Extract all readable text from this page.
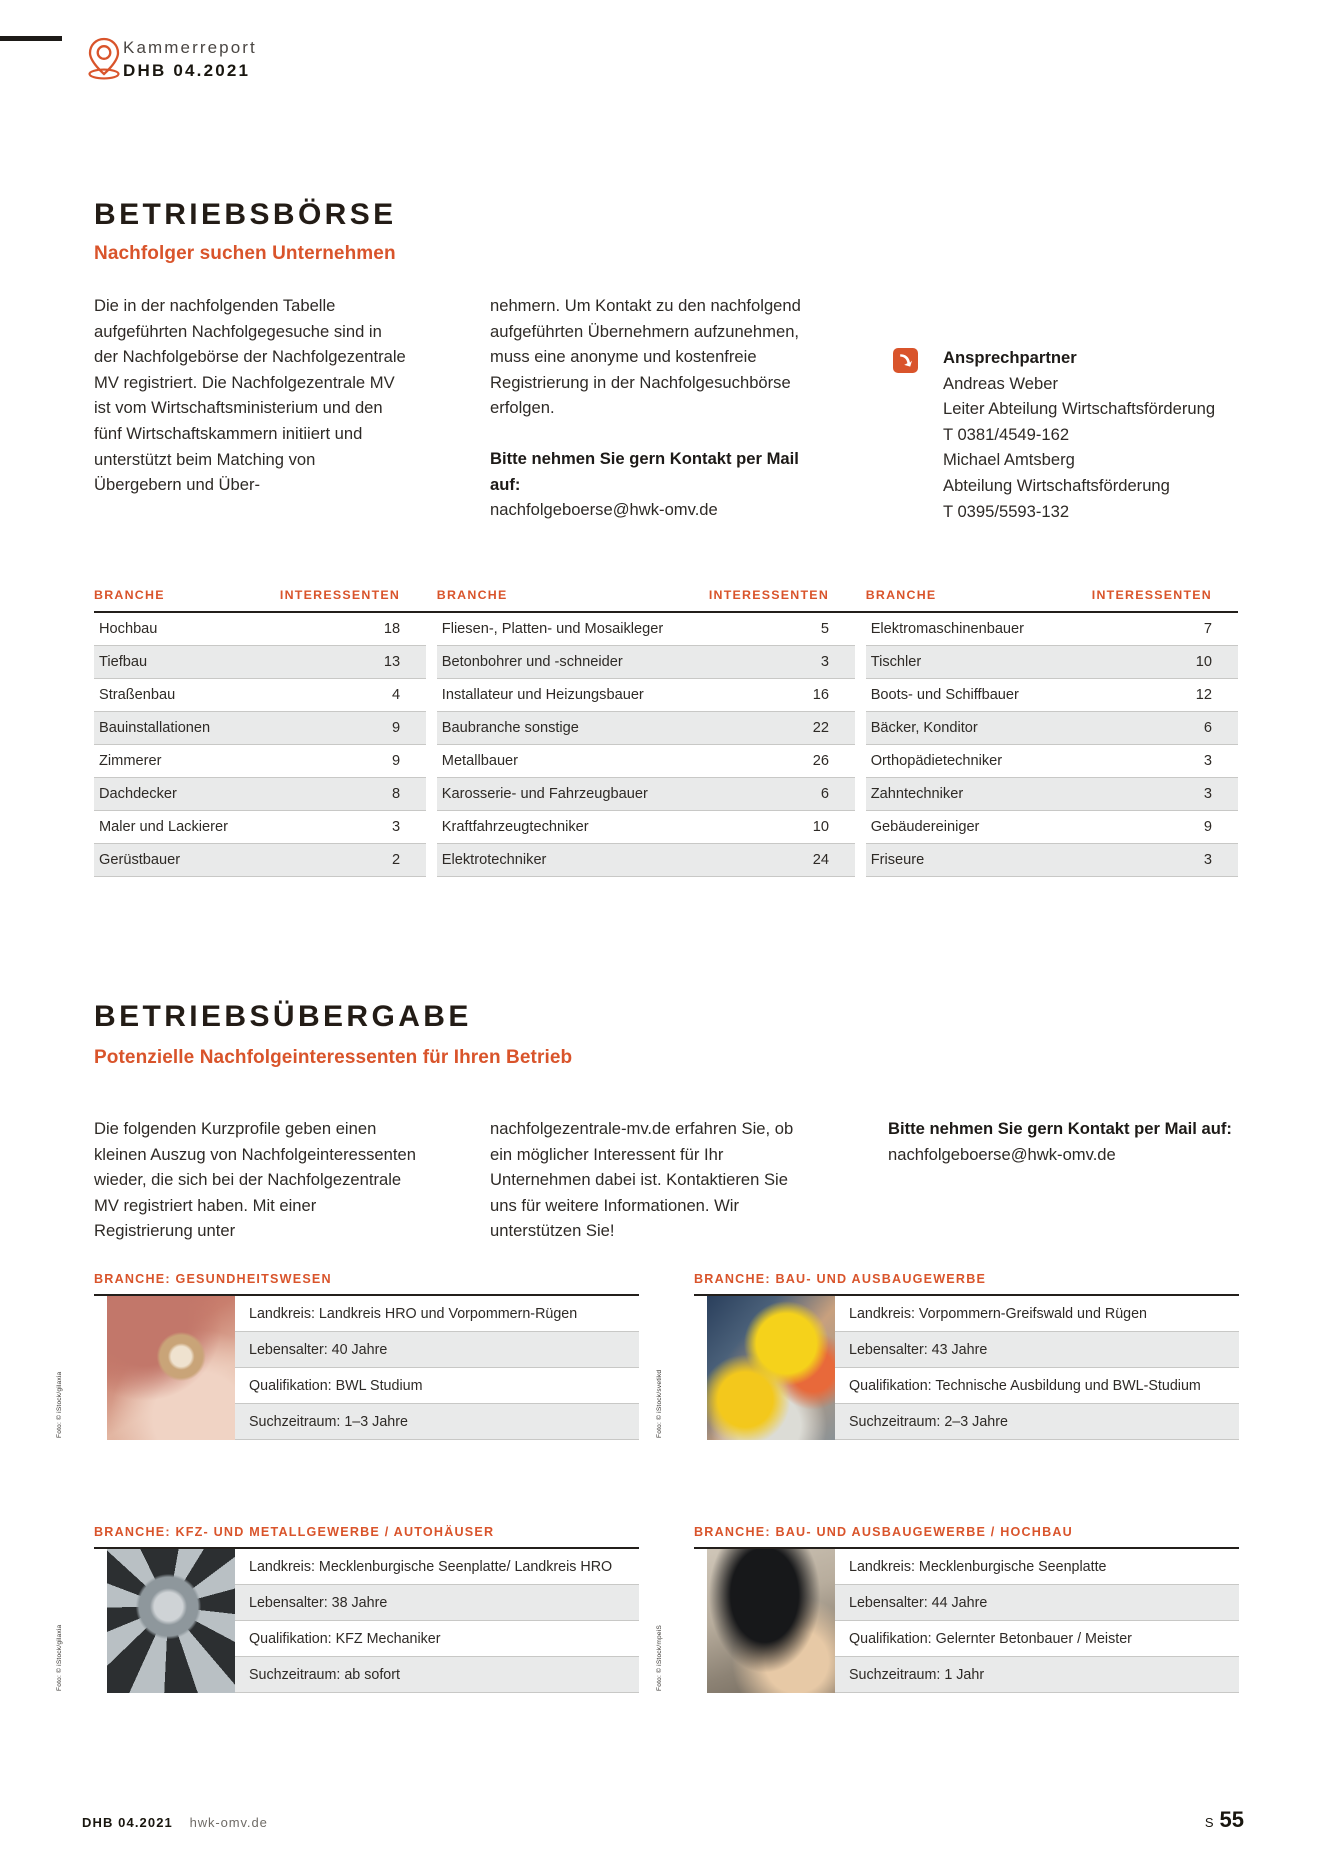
Kammerreport
DHB 04.2021
BETRIEBSBÖRSE
Nachfolger suchen Unternehmen

Die in der nachfolgenden Tabelle aufgeführten Nachfolgegesuche sind in der Nachfolgebörse der Nachfolgezentrale MV registriert. Die Nachfolgezentrale MV ist vom Wirtschaftsministerium und den fünf Wirtschaftskammern initiiert und unterstützt beim Matching von Übergebern und Über-

nehmern. Um Kontakt zu den nachfolgend aufgeführten Übernehmern aufzunehmen, muss eine anonyme und kostenfreie Registrierung in der Nachfolgesuchbörse erfolgen.

Bitte nehmen Sie gern Kontakt per Mail auf:

nachfolgeboerse@hwk-omv.de

Ansprechpartner
Andreas Weber
Leiter Abteilung Wirtschaftsförderung
T 0381/4549-162
Michael Amtsberg
Abteilung Wirtschaftsförderung
T 0395/5593-132
BRANCHE	INTERESSENTEN		BRANCHE	INTERESSENTEN		BRANCHE	INTERESSENTEN
Hochbau	18		Fliesen-, Platten- und Mosaikleger	5		Elektromaschinenbauer	7
Tiefbau	13		Betonbohrer und -schneider	3		Tischler	10
Straßenbau	4		Installateur und Heizungsbauer	16		Boots- und Schiffbauer	12
Bauinstallationen	9		Baubranche sonstige	22		Bäcker, Konditor	6
Zimmerer	9		Metallbauer	26		Orthopädietechniker	3
Dachdecker	8		Karosserie- und Fahrzeugbauer	6		Zahntechniker	3
Maler und Lackierer	3		Kraftfahrzeugtechniker	10		Gebäudereiniger	9
Gerüstbauer	2		Elektrotechniker	24		Friseure	3
BETRIEBSÜBERGABE
Potenzielle Nachfolgeinteressenten für Ihren Betrieb

Die folgenden Kurzprofile geben einen kleinen Auszug von Nachfolgeinteressenten wieder, die sich bei der Nachfolgezentrale MV registriert haben. Mit einer Registrierung unter

nachfolgezentrale-mv.de erfahren Sie, ob ein möglicher Interessent für Ihr Unternehmen dabei ist. Kontaktieren Sie uns für weitere Informationen. Wir unterstützen Sie!

Bitte nehmen Sie gern Kontakt per Mail auf:

nachfolgeboerse@hwk-omv.de

BRANCHE: GESUNDHEITSWESEN
Foto: © iStock/gilaxia
Landkreis: Landkreis HRO und Vorpommern-Rügen
Lebensalter: 40 Jahre
Qualifikation: BWL Studium
Suchzeitraum: 1–3 Jahre
BRANCHE: BAU- UND AUSBAUGEWERBE
Foto: © iStock/svetikd
Landkreis: Vorpommern-Greifswald und Rügen
Lebensalter: 43 Jahre
Qualifikation: Technische Ausbildung und BWL-Studium
Suchzeitraum: 2–3 Jahre
BRANCHE: KFZ- UND METALLGEWERBE / AUTOHÄUSER
Foto: © iStock/gilaxia
Landkreis: Mecklenburgische Seenplatte/ Landkreis HRO
Lebensalter: 38 Jahre
Qualifikation: KFZ Mechaniker
Suchzeitraum: ab sofort
BRANCHE: BAU- UND AUSBAUGEWERBE / HOCHBAU
Foto: © iStock/mpeiS
Landkreis: Mecklenburgische Seenplatte
Lebensalter: 44 Jahre
Qualifikation: Gelernter Betonbauer / Meister
Suchzeitraum: 1 Jahr
DHB 04.2021 hwk-omv.de	S 55
